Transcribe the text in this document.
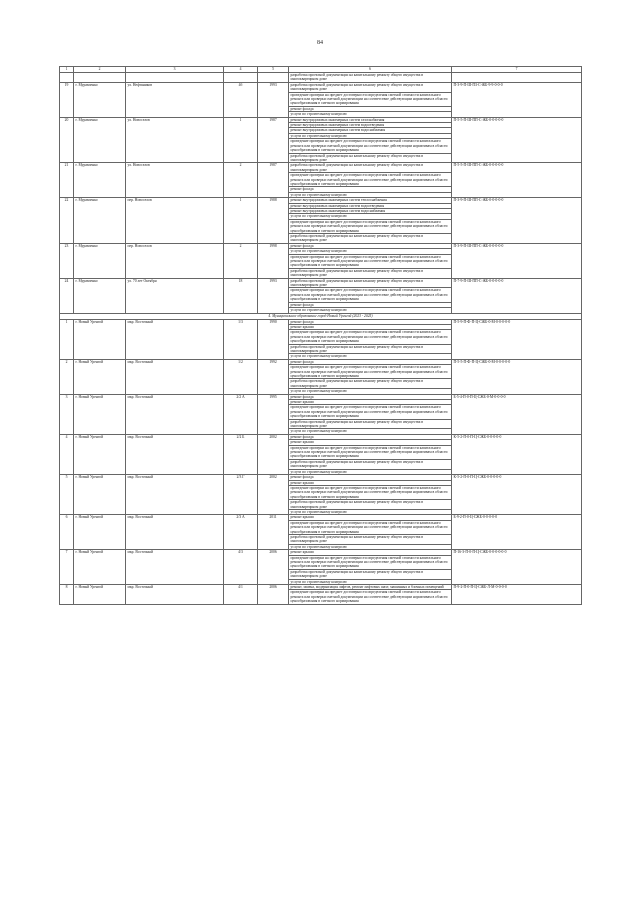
84
1	2	3	4	5	6	7
					разработка проектной документации на капитальному ремонту общего имущества в многоквартирном доме	
19	г. Муравленко	ул. Нефтяников	4б	1993	разработка проектной документации на капитальному ремонту общего имущества в многоквартирном доме	П-3-9-П-Ш-ПЗ-С-ЖБ-9-9-0-0-0
					проведение проверки на предмет достоверности определения сметной стоимости капитального ремонта или проверки сметной документации на соответствие действующим нормативам в области ценообразования в сметного нормирования	
					ремонт фасада	
					услуги по строительному контролю	
20	г. Муравленко	ул. Новоселов	1	1987	ремонт внутридомовых инженерных систем газоснабжения	П-5-5-П-Ш-ПП-С-ЖБ-0-0-0-0-0
					ремонт внутридомовых инженерных систем водоотведения	
					ремонт внутридомовых инженерных систем водоснабжения	
					услуги по строительному контролю	
					проведение проверки на предмет достоверности определения сметной стоимости капитального ремонта или проверки сметной документации на соответствие действующим нормативам в области ценообразования в сметного нормирования	
					разработка проектной документации на капитальному ремонту общего имущества в многоквартирном доме	
21	г. Муравленко	ул. Новоселов	2	1987	разработка проектной документации на капитальному ремонту общего имущества в многоквартирном доме	П-5-5-П-Ш-ПП-С-ЖБ-0-0-0-0-0
					проведение проверки на предмет достоверности определения сметной стоимости капитального ремонта или проверки сметной документации на соответствие действующим нормативам в области ценообразования в сметного нормирования	
					ремонт фасада	
					услуги по строительному контролю	
22	г. Муравленко	пер. Новоселов	1	1988	ремонт внутридомовых инженерных систем теплоснабжения	П-3-9-П-Ш-ПП-С-ЖБ-0-0-0-0-0
					ремонт внутридомовых инженерных систем водоотведения	
					ремонт внутридомовых инженерных систем водоснабжения	
					услуги по строительному контролю	
					проведение проверки на предмет достоверности определения сметной стоимости капитального ремонта или проверки сметной документации на соответствие действующим нормативам в области ценообразования в сметного нормирования	
					разработка проектной документации на капитальному ремонту общего имущества в многоквартирном доме	
23	г. Муравленко	пер. Новоселов	2	1998	ремонт фасада	П-3-9-П-Ш-ПП-С-ЖБ-0-0-0-0-0
					услуги по строительному контролю	
					проведение проверки на предмет достоверности определения сметной стоимости капитального ремонта или проверки сметной документации на соответствие действующим нормативам в области ценообразования в сметного нормирования	
					разработка проектной документации на капитальному ремонту общего имущества в многоквартирном доме	
24	г. Муравленко	ул. 70 лет Октября	18	1993	разработка проектной документации на капитальному ремонту общего имущества в многоквартирном доме	П-7-9-П-Ш-ПП-С-ЖБ-0-0-0-0-0
					проведение проверки на предмет достоверности определения сметной стоимости капитального ремонта или проверки сметной документации на соответствие действующим нормативам в области ценообразования в сметного нормирования	
					ремонт фасада	
					услуги по строительному контролю	
4. Муниципальное образование город Новый Уренгой (2023 - 2025)						
1	г. Новый Уренгой	мкр. Восточный	1/3	1990	ремонт фасада	П-5-9-П-Ф-П-Ц-СЖБ-0-М-0-0-0-0-0
					ремонт крыши	
					проведение проверки на предмет достоверности определения сметной стоимости капитального ремонта или проверки сметной документации на соответствие действующим нормативам в области ценообразования в сметного нормирования	
					разработка проектной документации на капитальному ремонту общего имущества в многоквартирном доме	
					услуги по строительному контролю	
2	г. Новый Уренгой	мкр. Восточный	1/2	1992	ремонт фасада	П-5-5-П-Ф-П-Ц-СЖБ-0-М-0-0-0-0-0
					проведение проверки на предмет достоверности определения сметной стоимости капитального ремонта или проверки сметной документации на соответствие действующим нормативам в области ценообразования в сметного нормирования	
					разработка проектной документации на капитальному ремонту общего имущества в многоквартирном доме	
					услуги по строительному контролю	
3	г. Новый Уренгой	мкр. Восточный	2/2 А	1995	ремонт фасада	Б-5-4-П-0-П-Ц-СЖБ-0-М-0-0-0-0
					ремонт крыши	
					проведение проверки на предмет достоверности определения сметной стоимости капитального ремонта или проверки сметной документации на соответствие действующим нормативам в области ценообразования в сметного нормирования	
					разработка проектной документации на капитальному ремонту общего имущества в многоквартирном доме	
					услуги по строительному контролю	
4	г. Новый Уренгой	мкр. Восточный	2/2 Б	2002	ремонт фасада	К-5-2-П-0-П-Ц-СЖБ-0-0-0-0-0
					ремонт крыши	
					проведение проверки на предмет достоверности определения сметной стоимости капитального ремонта или проверки сметной документации на соответствие действующим нормативам в области ценообразования в сметного нормирования	
					разработка проектной документации на капитальному ремонту общего имущества в многоквартирном доме	
					услуги по строительному контролю	
5	г. Новый Уренгой	мкр. Восточный	2/3 Г	2002	ремонт фасада	К-5-2-П-0-П-Ц-СЖБ-0-0-0-0-0
					ремонт крыши	
					проведение проверки на предмет достоверности определения сметной стоимости капитального ремонта или проверки сметной документации на соответствие действующим нормативам в области ценообразования в сметного нормирования	
					разработка проектной документации на капитальному ремонту общего имущества в многоквартирном доме	
					услуги по строительному контролю	
6	г. Новый Уренгой	мкр. Восточный	2/3 А	2011	ремонт крыши	Б-9-2-П-0-Ц-СЖБ-0-0-0-0-0
					проведение проверки на предмет достоверности определения сметной стоимости капитального ремонта или проверки сметной документации на соответствие действующим нормативам в области ценообразования в сметного нормирования	
					разработка проектной документации на капитальному ремонту общего имущества в многоквартирном доме	
					услуги по строительному контролю	
7	г. Новый Уренгой	мкр. Восточный	4/3	2006	ремонт крыши	П-16-3-П-0-П-Ц-СЖБ-0-0-0-0-0-0
					проведение проверки на предмет достоверности определения сметной стоимости капитального ремонта или проверки сметной документации на соответствие действующим нормативам в области ценообразования в сметного нормирования	
					разработка проектной документации на капитальному ремонту общего имущества в многоквартирном доме	
					услуги по строительному контролю	
8	г. Новый Уренгой	мкр. Восточный	4/1	2006	ремонт, замена, модернизация лифтов, ремонт лифтовых шахт, машинных и блочных помещений	П-9-2-П-0-П-Ц-СЖБ-Л-М-0-0-0-0
					проведение проверки на предмет достоверности определения сметной стоимости капитального ремонта или проверки сметной документации на соответствие действующим нормативам в области ценообразования в сметного нормирования	
